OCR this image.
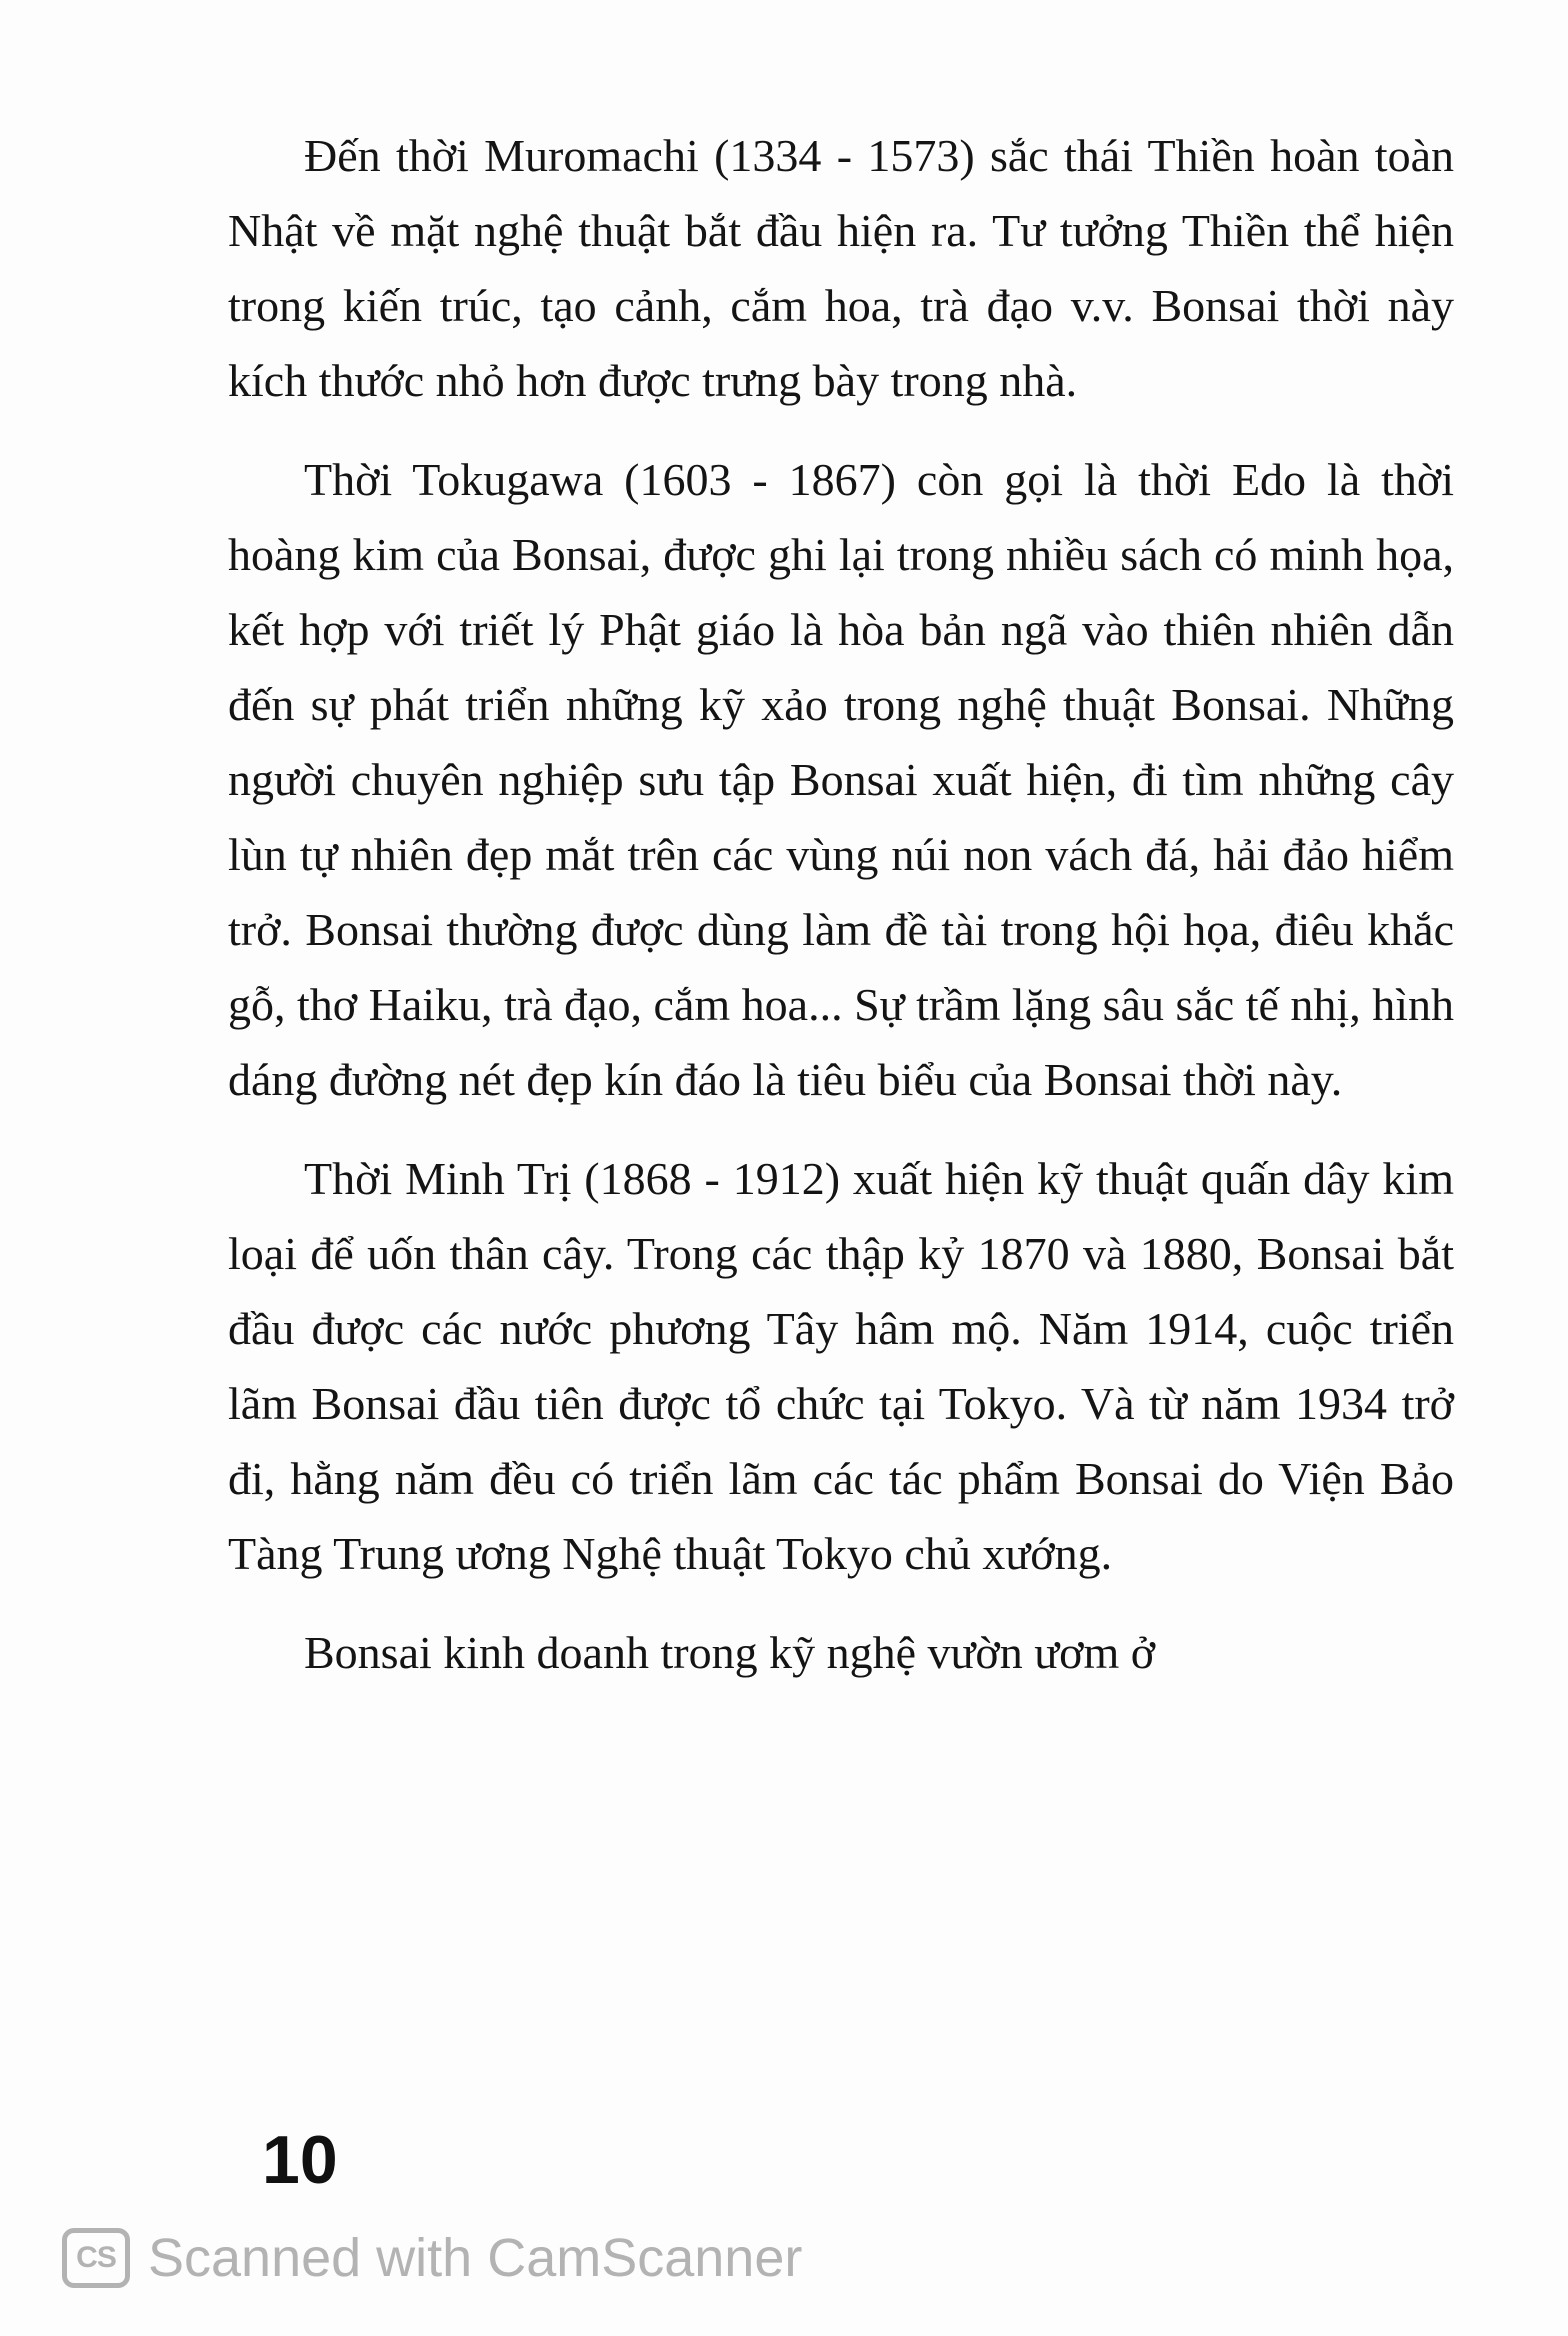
Đến thời Muromachi (1334 - 1573) sắc thái Thiền hoàn toàn Nhật về mặt nghệ thuật bắt đầu hiện ra. Tư tưởng Thiền thể hiện trong kiến trúc, tạo cảnh, cắm hoa, trà đạo v.v. Bonsai thời này kích thước nhỏ hơn được trưng bày trong nhà.

Thời Tokugawa (1603 - 1867) còn gọi là thời Edo là thời hoàng kim của Bonsai, được ghi lại trong nhiều sách có minh họa, kết hợp với triết lý Phật giáo là hòa bản ngã vào thiên nhiên dẫn đến sự phát triển những kỹ xảo trong nghệ thuật Bonsai. Những người chuyên nghiệp sưu tập Bonsai xuất hiện, đi tìm những cây lùn tự nhiên đẹp mắt trên các vùng núi non vách đá, hải đảo hiểm trở. Bonsai thường được dùng làm đề tài trong hội họa, điêu khắc gỗ, thơ Haiku, trà đạo, cắm hoa... Sự trầm lặng sâu sắc tế nhị, hình dáng đường nét đẹp kín đáo là tiêu biểu của Bonsai thời này.

Thời Minh Trị (1868 - 1912) xuất hiện kỹ thuật quấn dây kim loại để uốn thân cây. Trong các thập kỷ 1870 và 1880, Bonsai bắt đầu được các nước phương Tây hâm mộ. Năm 1914, cuộc triển lãm Bonsai đầu tiên được tổ chức tại Tokyo. Và từ năm 1934 trở đi, hằng năm đều có triển lãm các tác phẩm Bonsai do Viện Bảo Tàng Trung ương Nghệ thuật Tokyo chủ xướng.

Bonsai kinh doanh trong kỹ nghệ vườn ươm ở

10
CS Scanned with CamScanner
